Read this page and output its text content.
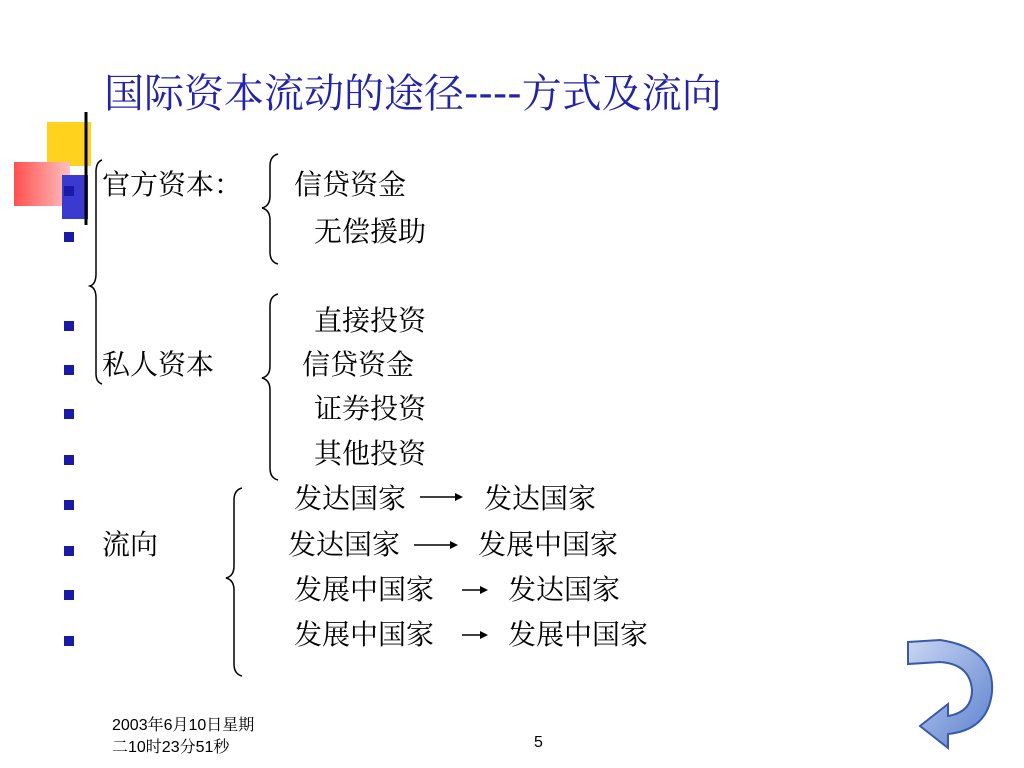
国际资本流动的途径----方式及流向
官方资本： 信贷资金
无偿援助
直接投资
私人资本	信贷资金
证券投资
其他投资
发达国家	发达国家
流向	发达国家	发展中国家
发展中国家	发达国家
发展中国家	发展中国家
2003年6月10日星期
二10时23分51秒	5
